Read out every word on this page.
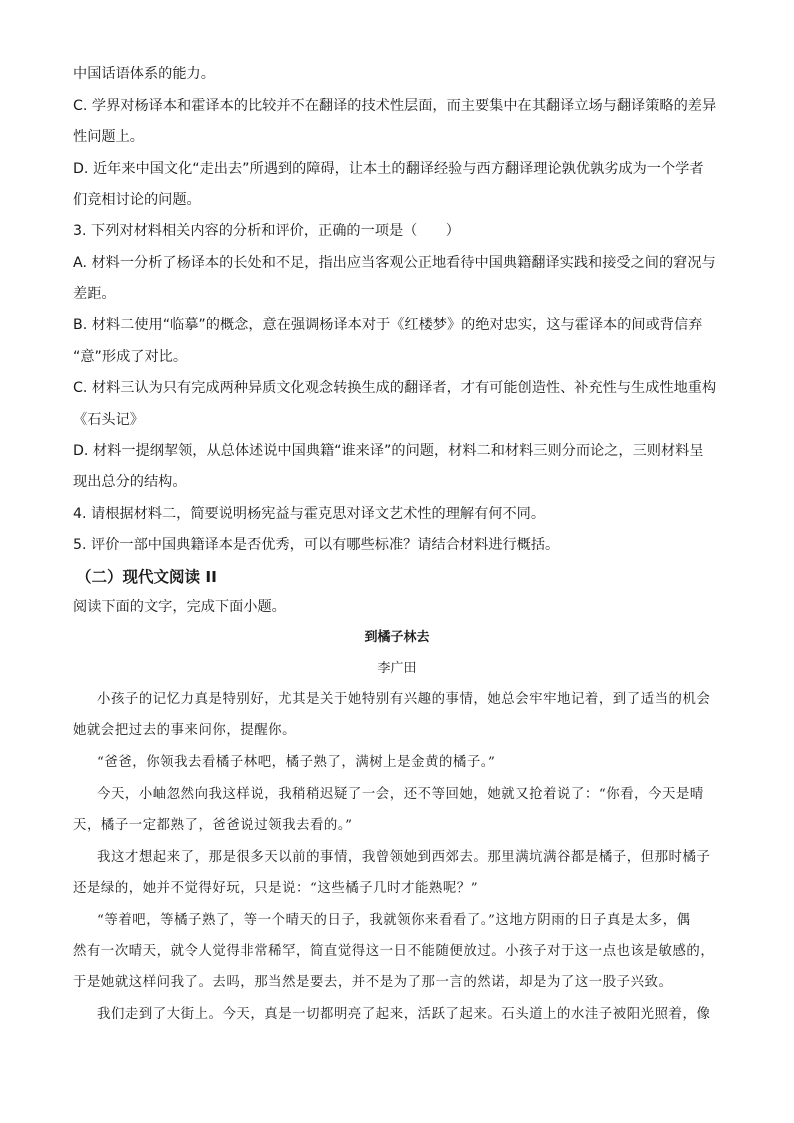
中国话语体系的能力。
C. 学界对杨译本和霍译本的比较并不在翻译的技术性层面，而主要集中在其翻译立场与翻译策略的差异
性问题上。
D. 近年来中国文化“走出去”所遇到的障碍，让本土的翻译经验与西方翻译理论孰优孰劣成为一个学者
们竞相讨论的问题。
3. 下列对材料相关内容的分析和评价，正确的一项是（　　）
A. 材料一分析了杨译本的长处和不足，指出应当客观公正地看待中国典籍翻译实践和接受之间的窘况与
差距。
B. 材料二使用“临摹”的概念，意在强调杨译本对于《红楼梦》的绝对忠实，这与霍译本的间或背信弃
“意”形成了对比。
C. 材料三认为只有完成两种异质文化观念转换生成的翻译者，才有可能创造性、补充性与生成性地重构
《石头记》
D. 材料一提纲挈领，从总体述说中国典籍“谁来译”的问题，材料二和材料三则分而论之，三则材料呈
现出总分的结构。
4. 请根据材料二，简要说明杨宪益与霍克思对译文艺术性的理解有何不同。
5. 评价一部中国典籍译本是否优秀，可以有哪些标准？请结合材料进行概括。
（二）现代文阅读 II
阅读下面的文字，完成下面小题。
到橘子林去
李广田
小孩子的记忆力真是特别好，尤其是关于她特别有兴趣的事情，她总会牢牢地记着，到了适当的机会
她就会把过去的事来问你，提醒你。
“爸爸，你领我去看橘子林吧，橘子熟了，满树上是金黄的橘子。”
今天，小岫忽然向我这样说，我稍稍迟疑了一会，还不等回她，她就又抢着说了：“你看，今天是晴
天，橘子一定都熟了，爸爸说过领我去看的。”
我这才想起来了，那是很多天以前的事情，我曾领她到西郊去。那里满坑满谷都是橘子，但那时橘子
还是绿的，她并不觉得好玩，只是说：“这些橘子几时才能熟呢？”
“等着吧，等橘子熟了，等一个晴天的日子，我就领你来看看了。”这地方阴雨的日子真是太多，偶
然有一次晴天，就令人觉得非常稀罕，简直觉得这一日不能随便放过。小孩子对于这一点也该是敏感的，
于是她就这样问我了。去吗，那当然是要去，并不是为了那一言的然诺，却是为了这一股子兴致。
我们走到了大街上。今天，真是一切都明亮了起来，活跃了起来。石头道上的水洼子被阳光照着，像
